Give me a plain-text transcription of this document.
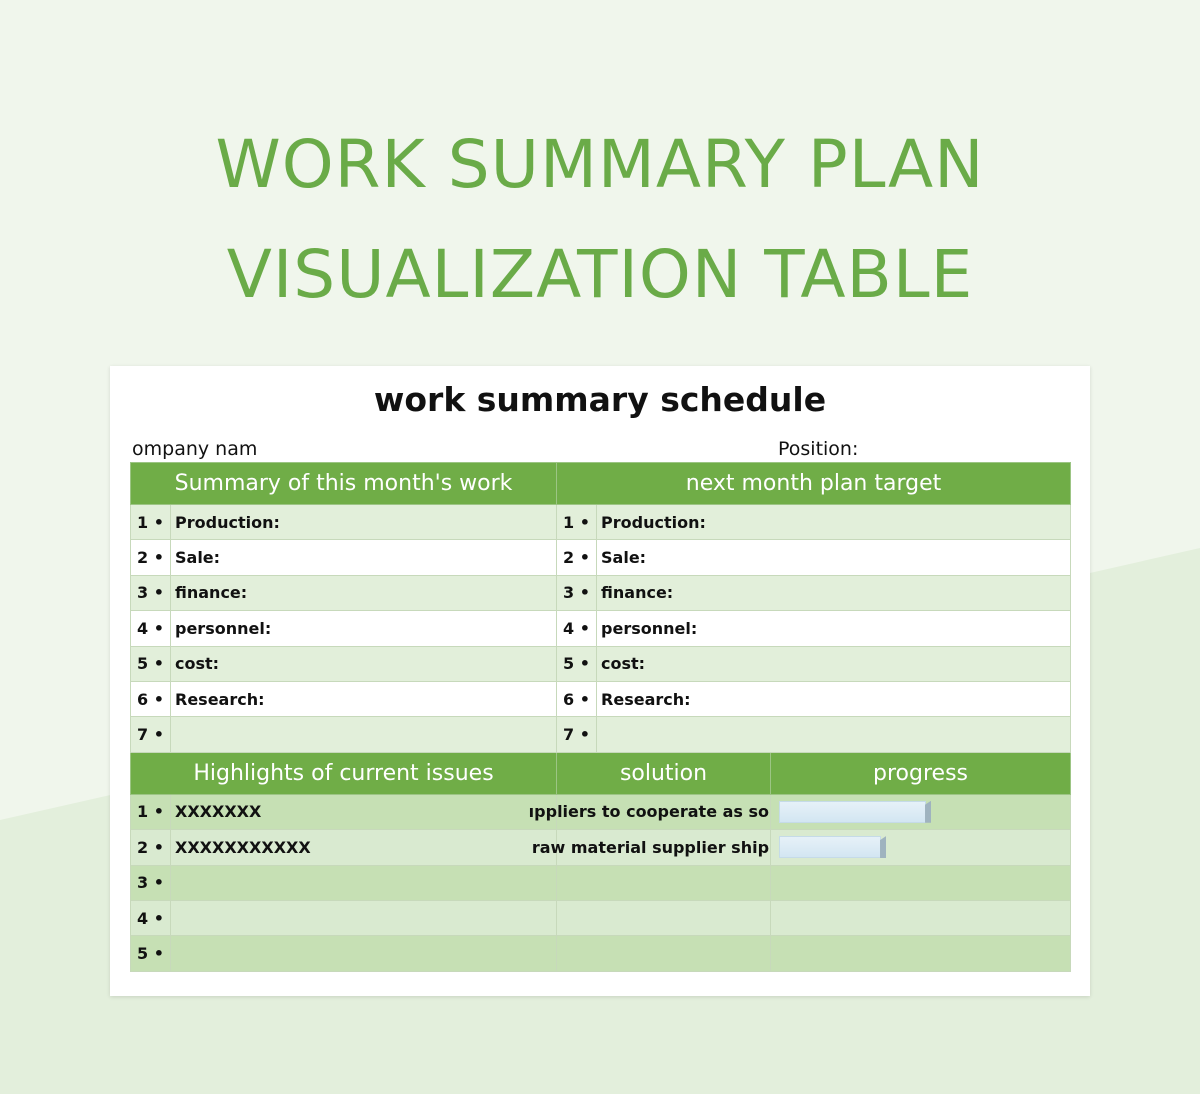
WORK SUMMARY PLAN
VISUALIZATION TABLE
work summary schedule
ompany nam	Position:
Summary of this month's work		next month plan target		
1 •	Production:	1 •	Production:	
2 •	Sale:	2 •	Sale:	
3 •	finance:	3 •	finance:	
4 •	personnel:	4 •	personnel:	
5 •	cost:	5 •	cost:	
6 •	Research:	6 •	Research:	
7 •		7 •		
Highlights of current issues		solution		progress
1 •	XXXXXXX	ıppliers to cooperate as so		

2 •	XXXXXXXXXXX	raw material supplier ship		

3 •				
4 •				
5 •				
